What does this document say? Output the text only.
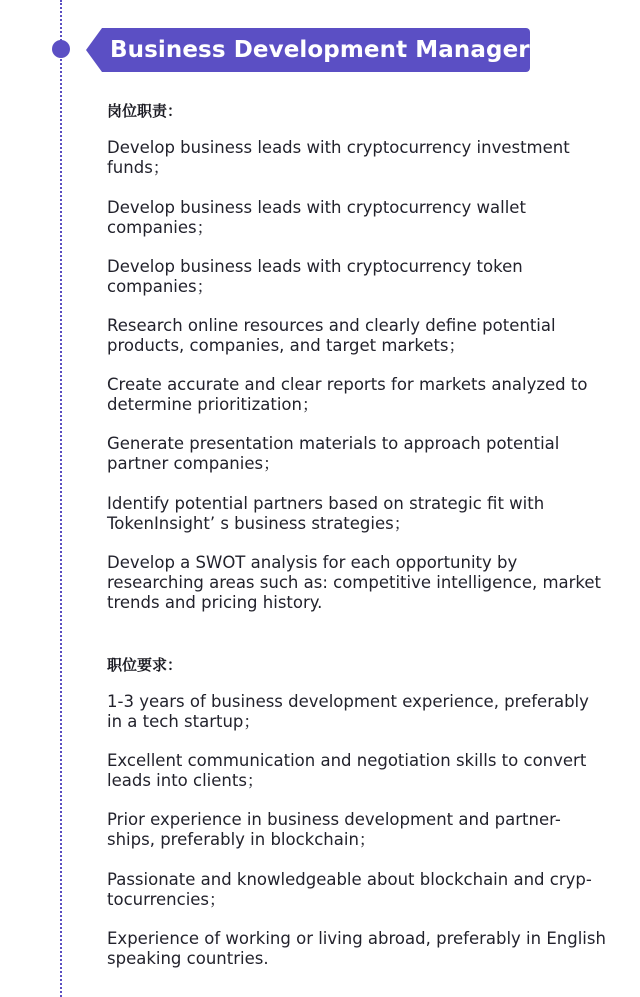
Business Development Manager
岗位职责：
Develop business leads with cryptocurrency investment funds；
Develop business leads with cryptocurrency wallet companies；
Develop business leads with cryptocurrency token companies；
Research online resources and clearly define potential products, companies, and target markets；
Create accurate and clear reports for markets analyzed to determine prioritization；
Generate presentation materials to approach potential partner companies；
Identify potential partners based on strategic fit with TokenInsight’ s business strategies；
Develop a SWOT analysis for each opportunity by researching areas such as: competitive intelligence, market trends and pricing history.
职位要求：
1-3 years of business development experience, preferably in a tech startup；
Excellent communication and negotiation skills to convert leads into clients；
Prior experience in business development and partner-ships, preferably in blockchain；
Passionate and knowledgeable about blockchain and cryp-tocurrencies；
Experience of working or living abroad, preferably in English speaking countries.
